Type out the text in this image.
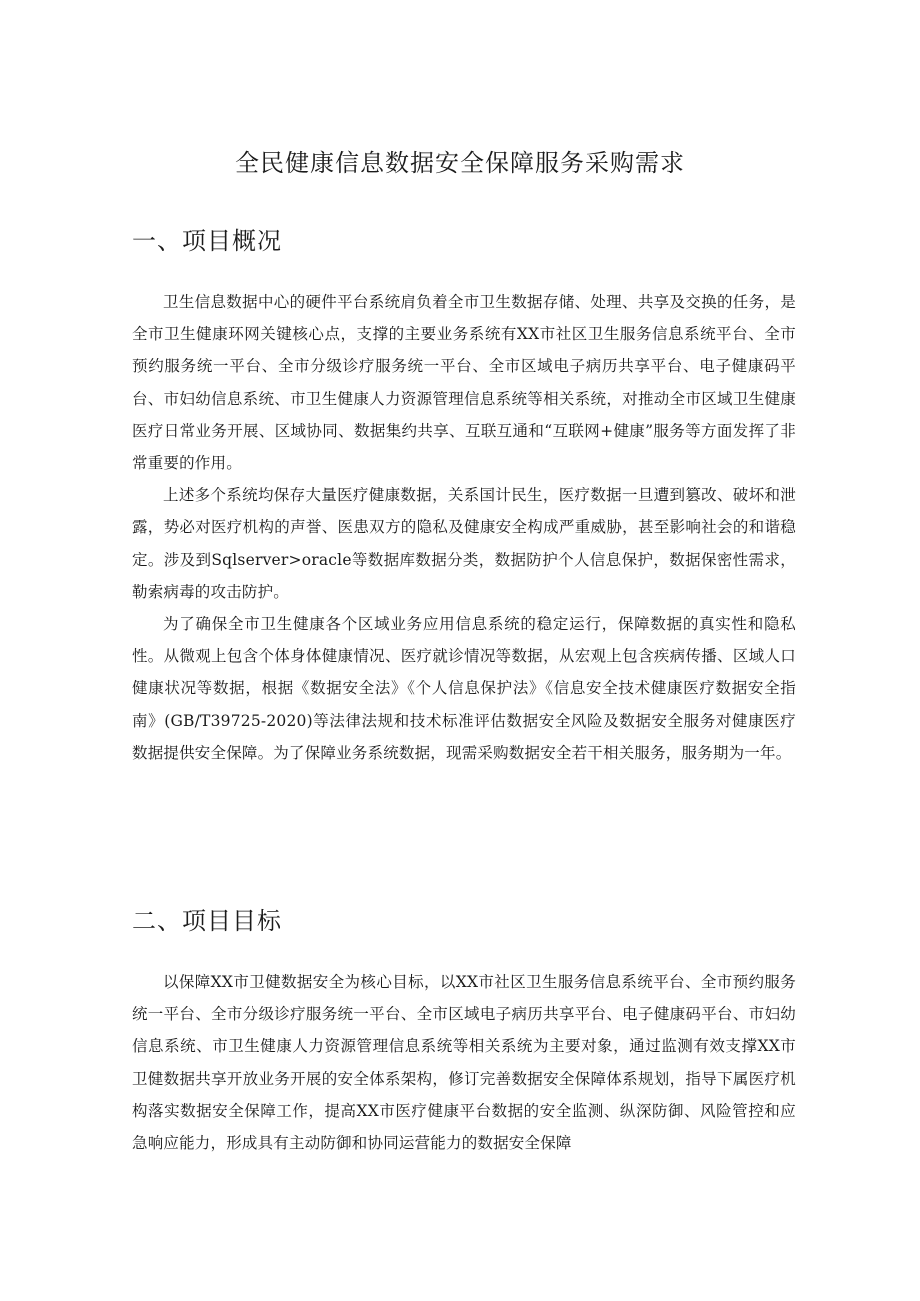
全民健康信息数据安全保障服务采购需求
一、项目概况

卫生信息数据中心的硬件平台系统肩负着全市卫生数据存储、处理、共享及交换的任务，是全市卫生健康环网关键核心点，支撑的主要业务系统有XX市社区卫生服务信息系统平台、全市预约服务统一平台、全市分级诊疗服务统一平台、全市区域电子病历共享平台、电子健康码平台、市妇幼信息系统、市卫生健康人力资源管理信息系统等相关系统，对推动全市区域卫生健康医疗日常业务开展、区域协同、数据集约共享、互联互通和“互联网+健康”服务等方面发挥了非常重要的作用。

上述多个系统均保存大量医疗健康数据，关系国计民生，医疗数据一旦遭到篡改、破坏和泄露，势必对医疗机构的声誉、医患双方的隐私及健康安全构成严重威胁，甚至影响社会的和谐稳定。涉及到Sqlserver>oracle等数据库数据分类，数据防护个人信息保护，数据保密性需求，勒索病毒的攻击防护。

为了确保全市卫生健康各个区域业务应用信息系统的稳定运行，保障数据的真实性和隐私性。从微观上包含个体身体健康情况、医疗就诊情况等数据，从宏观上包含疾病传播、区域人口健康状况等数据，根据《数据安全法》《个人信息保护法》《信息安全技术健康医疗数据安全指南》(GB/T39725-2020)等法律法规和技术标准评估数据安全风险及数据安全服务对健康医疗数据提供安全保障。为了保障业务系统数据，现需采购数据安全若干相关服务，服务期为一年。

二、项目目标

以保障XX市卫健数据安全为核心目标，以XX市社区卫生服务信息系统平台、全市预约服务统一平台、全市分级诊疗服务统一平台、全市区域电子病历共享平台、电子健康码平台、市妇幼信息系统、市卫生健康人力资源管理信息系统等相关系统为主要对象，通过监测有效支撑XX市卫健数据共享开放业务开展的安全体系架构，修订完善数据安全保障体系规划，指导下属医疗机构落实数据安全保障工作，提高XX市医疗健康平台数据的安全监测、纵深防御、风险管控和应急响应能力，形成具有主动防御和协同运营能力的数据安全保障
